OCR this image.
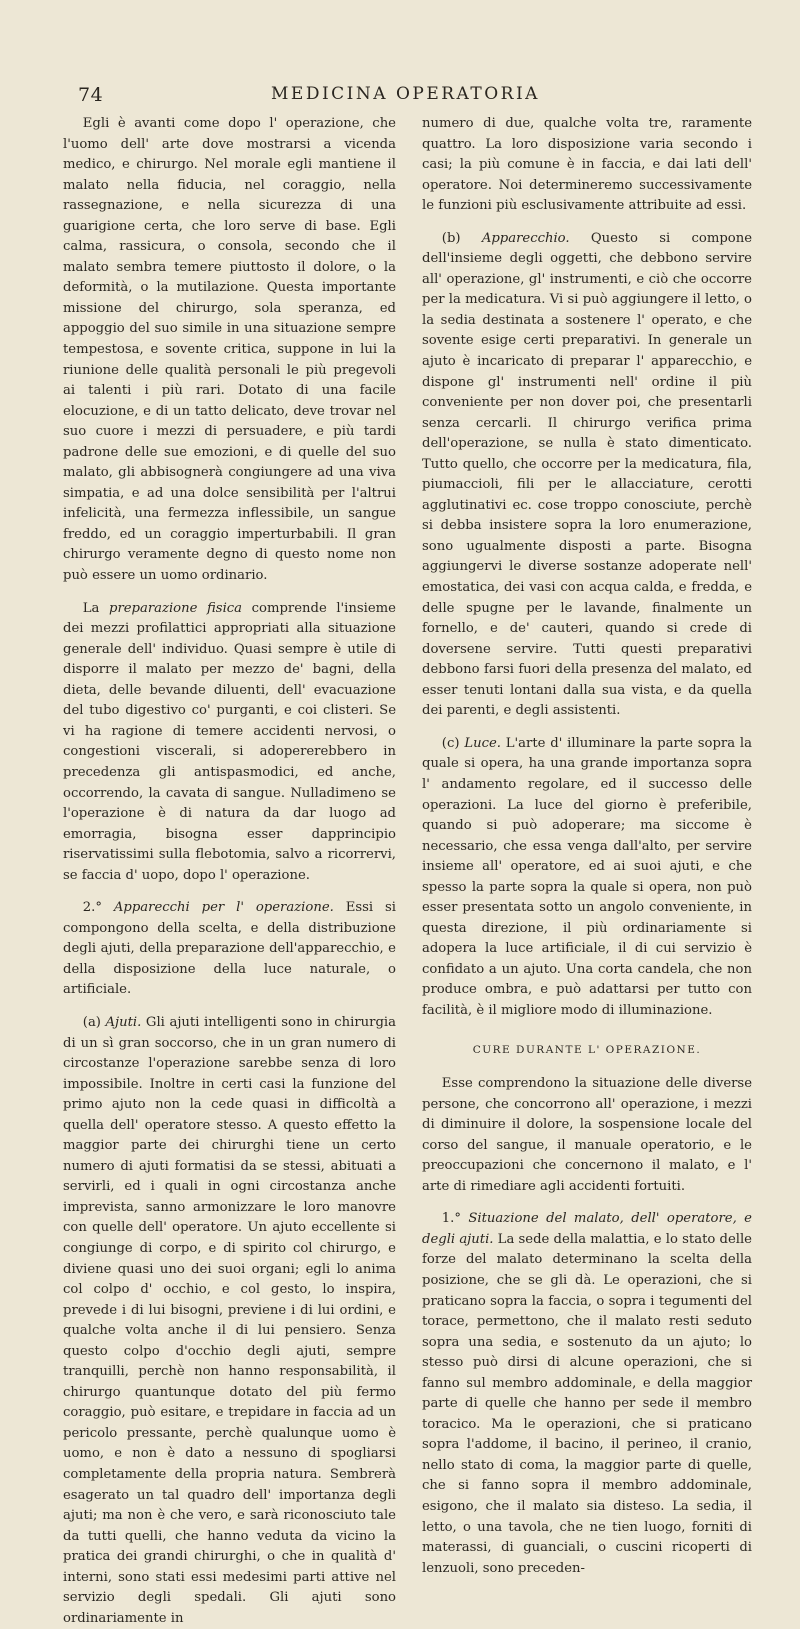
74	MEDICINA OPERATORIA

Egli è avanti come dopo l' operazione, che l'uomo dell' arte dove mostrarsi a vicenda medico, e chirurgo. Nel morale egli mantiene il malato nella fiducia, nel coraggio, nella rassegnazione, e nella sicurezza di una guarigione certa, che loro serve di base. Egli calma, rassicura, o consola, secondo che il malato sembra temere piuttosto il dolore, o la deformità, o la mutilazione. Questa importante missione del chirurgo, sola speranza, ed appoggio del suo simile in una situazione sempre tempestosa, e sovente critica, suppone in lui la riunione delle qualità personali le più pregevoli ai talenti i più rari. Dotato di una facile elocuzione, e di un tatto delicato, deve trovar nel suo cuore i mezzi di persuadere, e più tardi padrone delle sue emozioni, e di quelle del suo malato, gli abbisognerà congiungere ad una viva simpatia, e ad una dolce sensibilità per l'altrui infelicità, una fermezza inflessibile, un sangue freddo, ed un coraggio imperturbabili. Il gran chirurgo veramente degno di questo nome non può essere un uomo ordinario.

La preparazione fisica comprende l'insieme dei mezzi profilattici appropriati alla situazione generale dell' individuo. Quasi sempre è utile di disporre il malato per mezzo de' bagni, della dieta, delle bevande diluenti, dell' evacuazione del tubo digestivo co' purganti, e coi clisteri. Se vi ha ragione di temere accidenti nervosi, o congestioni viscerali, si adopererebbero in precedenza gli antispasmodici, ed anche, occorrendo, la cavata di sangue. Nulladimeno se l'operazione è di natura da dar luogo ad emorragia, bisogna esser dapprincipio riservatissimi sulla flebotomia, salvo a ricorrervi, se faccia d' uopo, dopo l' operazione.

2.° Apparecchi per l' operazione. Essi si compongono della scelta, e della distribuzione degli ajuti, della preparazione dell'apparecchio, e della disposizione della luce naturale, o artificiale.

(a) Ajuti. Gli ajuti intelligenti sono in chirurgia di un sì gran soccorso, che in un gran numero di circostanze l'operazione sarebbe senza di loro impossibile. Inoltre in certi casi la funzione del primo ajuto non la cede quasi in difficoltà a quella dell' operatore stesso. A questo effetto la maggior parte dei chirurghi tiene un certo numero di ajuti formatisi da se stessi, abituati a servirli, ed i quali in ogni circostanza anche imprevista, sanno armonizzare le loro manovre con quelle dell' operatore. Un ajuto eccellente si congiunge di corpo, e di spirito col chirurgo, e diviene quasi uno dei suoi organi; egli lo anima col colpo d' occhio, e col gesto, lo inspira, prevede i di lui bisogni, previene i di lui ordini, e qualche volta anche il di lui pensiero. Senza questo colpo d'occhio degli ajuti, sempre tranquilli, perchè non hanno responsabilità, il chirurgo quantunque dotato del più fermo coraggio, può esitare, e trepidare in faccia ad un pericolo pressante, perchè qualunque uomo è uomo, e non è dato a nessuno di spogliarsi completamente della propria natura. Sembrerà esagerato un tal quadro dell' importanza degli ajuti; ma non è che vero, e sarà riconosciuto tale da tutti quelli, che hanno veduta da vicino la pratica dei grandi chirurghi, o che in qualità d' interni, sono stati essi medesimi parti attive nel servizio degli spedali. Gli ajuti sono ordinariamente in

numero di due, qualche volta tre, raramente quattro. La loro disposizione varia secondo i casi; la più comune è in faccia, e dai lati dell' operatore. Noi determineremo successivamente le funzioni più esclusivamente attribuite ad essi.

(b) Apparecchio. Questo si compone dell'insieme degli oggetti, che debbono servire all' operazione, gl' instrumenti, e ciò che occorre per la medicatura. Vi si può aggiungere il letto, o la sedia destinata a sostenere l' operato, e che sovente esige certi preparativi. In generale un ajuto è incaricato di preparar l' apparecchio, e dispone gl' instrumenti nell' ordine il più conveniente per non dover poi, che presentarli senza cercarli. Il chirurgo verifica prima dell'operazione, se nulla è stato dimenticato. Tutto quello, che occorre per la medicatura, fila, piumaccioli, fili per le allacciature, cerotti agglutinativi ec. cose troppo conosciute, perchè si debba insistere sopra la loro enumerazione, sono ugualmente disposti a parte. Bisogna aggiungervi le diverse sostanze adoperate nell' emostatica, dei vasi con acqua calda, e fredda, e delle spugne per le lavande, finalmente un fornello, e de' cauteri, quando si crede di doversene servire. Tutti questi preparativi debbono farsi fuori della presenza del malato, ed esser tenuti lontani dalla sua vista, e da quella dei parenti, e degli assistenti.

(c) Luce. L'arte d' illuminare la parte sopra la quale si opera, ha una grande importanza sopra l' andamento regolare, ed il successo delle operazioni. La luce del giorno è preferibile, quando si può adoperare; ma siccome è necessario, che essa venga dall'alto, per servire insieme all' operatore, ed ai suoi ajuti, e che spesso la parte sopra la quale si opera, non può esser presentata sotto un angolo conveniente, in questa direzione, il più ordinariamente si adopera la luce artificiale, il di cui servizio è confidato a un ajuto. Una corta candela, che non produce ombra, e può adattarsi per tutto con facilità, è il migliore modo di illuminazione.

CURE DURANTE L' OPERAZIONE.

Esse comprendono la situazione delle diverse persone, che concorrono all' operazione, i mezzi di diminuire il dolore, la sospensione locale del corso del sangue, il manuale operatorio, e le preoccupazioni che concernono il malato, e l' arte di rimediare agli accidenti fortuiti.

1.° Situazione del malato, dell' operatore, e degli ajuti. La sede della malattia, e lo stato delle forze del malato determinano la scelta della posizione, che se gli dà. Le operazioni, che si praticano sopra la faccia, o sopra i tegumenti del torace, permettono, che il malato resti seduto sopra una sedia, e sostenuto da un ajuto; lo stesso può dirsi di alcune operazioni, che si fanno sul membro addominale, e della maggior parte di quelle che hanno per sede il membro toracico. Ma le operazioni, che si praticano sopra l'addome, il bacino, il perineo, il cranio, nello stato di coma, la maggior parte di quelle, che si fanno sopra il membro addominale, esigono, che il malato sia disteso. La sedia, il letto, o una tavola, che ne tien luogo, forniti di materassi, di guanciali, o cuscini ricoperti di lenzuoli, sono preceden-
